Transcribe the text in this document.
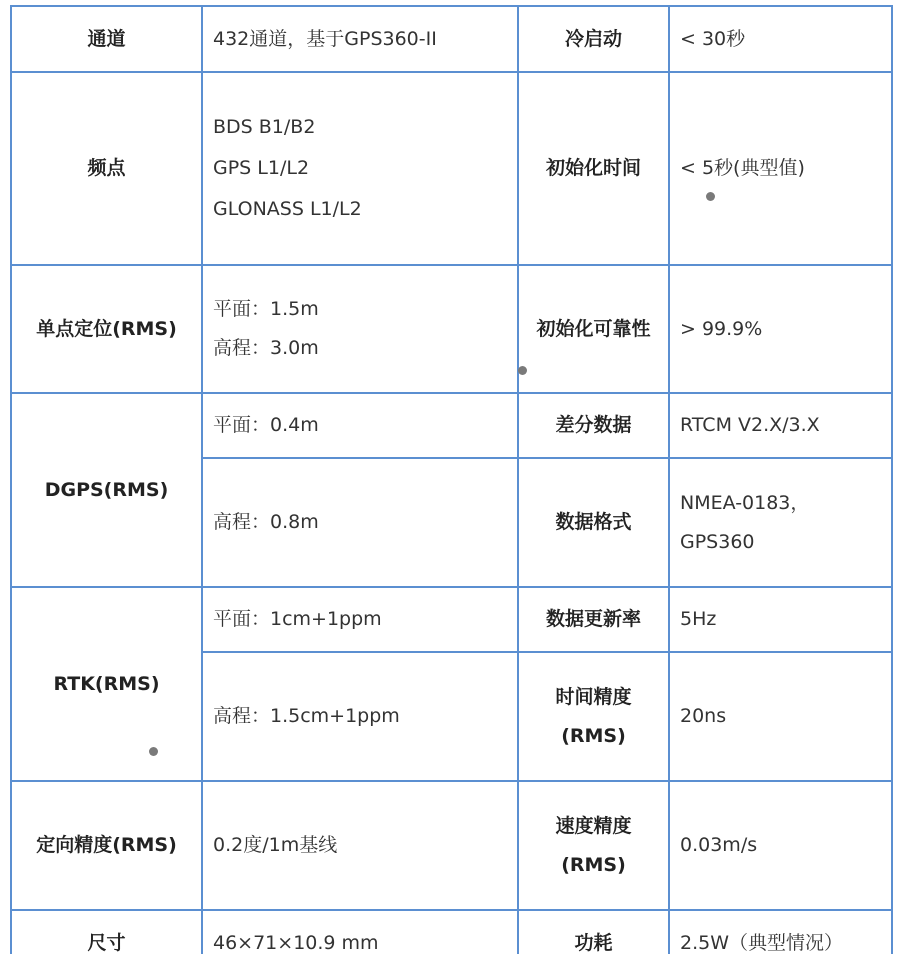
通道	432通道，基于GPS360-II	冷启动	< 30秒
频点	BDS B1/B2
GPS L1/L2
GLONASS L1/L2	初始化时间	< 5秒(典型值)
单点定位(RMS)	平面：1.5m
高程：3.0m	初始化可靠性	> 99.9%
DGPS(RMS)	平面：0.4m	差分数据	RTCM V2.X/3.X
	高程：0.8m	数据格式	NMEA-0183，
GPS360

RTK(RMS)	平面：1cm+1ppm	数据更新率	5Hz
	高程：1.5cm+1ppm	时间精度
(RMS)	20ns
定向精度(RMS)	0.2度/1m基线	速度精度
(RMS)	0.03m/s
尺寸	46×71×10.9 mm	功耗	2.5W（典型情况）
